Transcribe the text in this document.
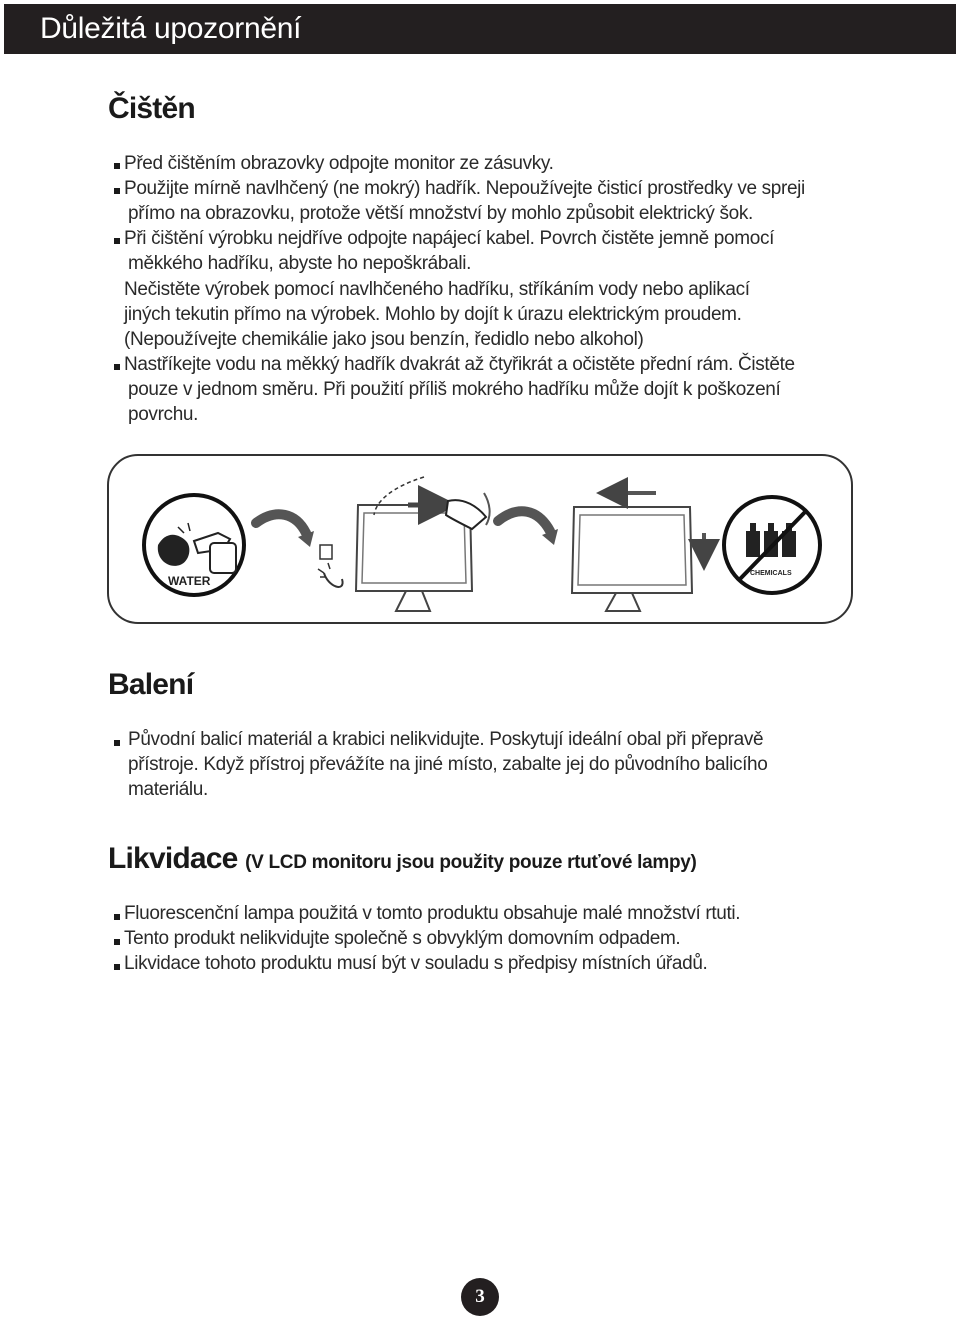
Důležitá upozornění
Čištěn
Před čištěním obrazovky odpojte monitor ze zásuvky.
Použijte mírně navlhčený (ne mokrý) hadřík. Nepoužívejte čisticí prostředky ve spreji
přímo na obrazovku, protože větší množství by mohlo způsobit elektrický šok.
Při čištění výrobku nejdříve odpojte napájecí kabel. Povrch čistěte jemně pomocí
měkkého hadříku, abyste ho nepoškrábali.
Nečistěte výrobek pomocí navlhčeného hadříku, stříkáním vody nebo aplikací
jiných tekutin přímo na výrobek. Mohlo by dojít k úrazu elektrickým proudem.
(Nepoužívejte chemikálie jako jsou benzín, ředidlo nebo alkohol)
Nastříkejte vodu na měkký hadřík dvakrát až čtyřikrát a očistěte přední rám. Čistěte
pouze v jednom směru. Při použití příliš mokrého hadříku může dojít k poškození
povrchu.
WATER
CHEMICALS
Balení
Původní balicí materiál a krabici nelikvidujte. Poskytují ideální obal při přepravě
přístroje. Když přístroj převážíte na jiné místo, zabalte jej do původního balicího
materiálu.
Likvidace (V LCD monitoru jsou použity pouze rtuťové lampy)
Fluorescenční lampa použitá v tomto produktu obsahuje malé množství rtuti.
Tento produkt nelikvidujte společně s obvyklým domovním odpadem.
Likvidace tohoto produktu musí být v souladu s předpisy místních úřadů.
3
